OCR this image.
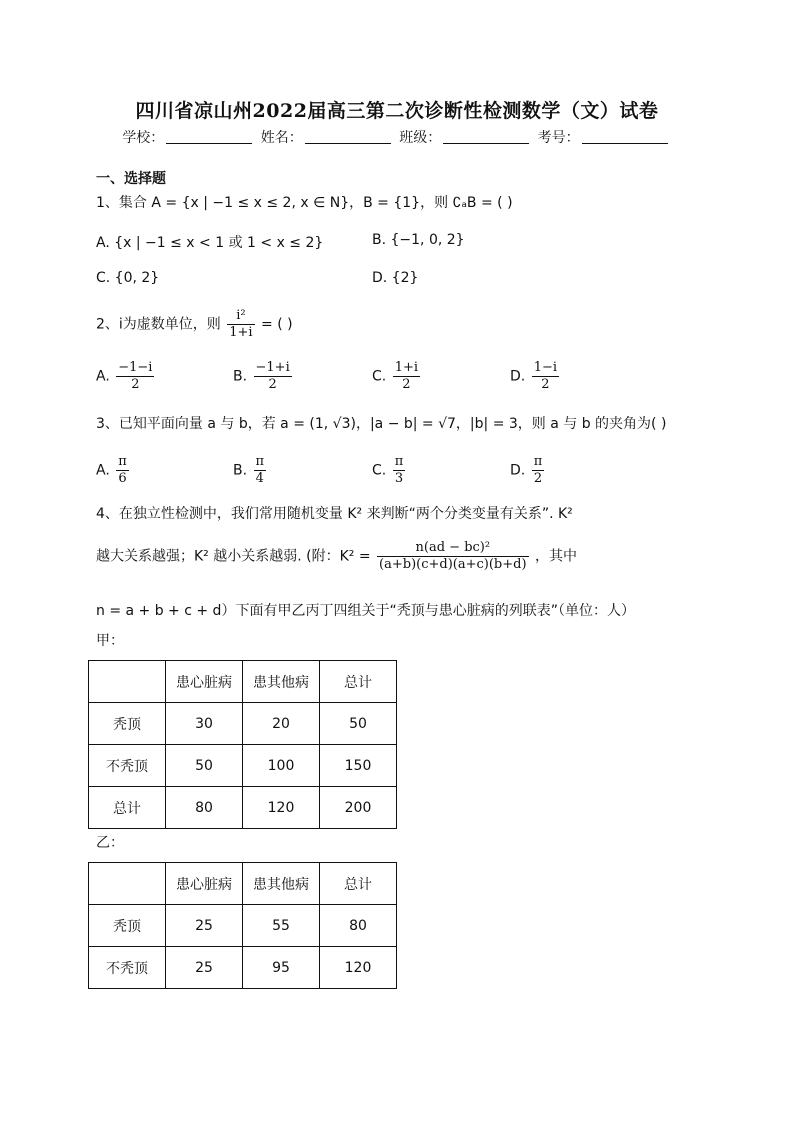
四川省凉山州2022届高三第二次诊断性检测数学（文）试卷
学校：	姓名：	班级：	考号：
一、选择题
1、集合 A = {x | −1 ≤ x ≤ 2, x ∈ N}，B = {1}，则 ∁ₐB = ( )
A. {x | −1 ≤ x < 1 或 1 < x ≤ 2}	B. {−1, 0, 2}
C. {0, 2}	D. {2}
2、i为虚数单位，则 $\frac{\text{i²}}{1+i}$ = ( )
A. $\frac{-1-i}{2}$	B. $\frac{-1+i}{2}$	C. $\frac{1+i}{2}$	D. $\frac{1-i}{2}$
3、已知平面向量 a 与 b，若 a = (1, √3)，|a − b| = √7，|b| = 3，则 a 与 b 的夹角为( )
A. $\frac{\pi}{6}$	B. $\frac{\pi}{4}$	C. $\frac{\pi}{3}$	D. $\frac{\pi}{2}$
4、在独立性检测中，我们常用随机变量 K² 来判断“两个分类变量有关系”. K²
越大关系越强；K² 越小关系越弱. (附：$K^2 = \frac{\text{n(ad − bc)²}}{(a+b)(c+d)(a+c)(b+d)}$ ，其中
n = a + b + c + d）下面有甲乙丙丁四组关于“秃顶与患心脏病的列联表”（单位：人）
甲：
	患心脏病	患其他病	总计
秃顶	30	20	50
不秃顶	50	100	150
总计	80	120	200
乙：
	患心脏病	患其他病	总计
秃顶	25	55	80
不秃顶	25	95	120
